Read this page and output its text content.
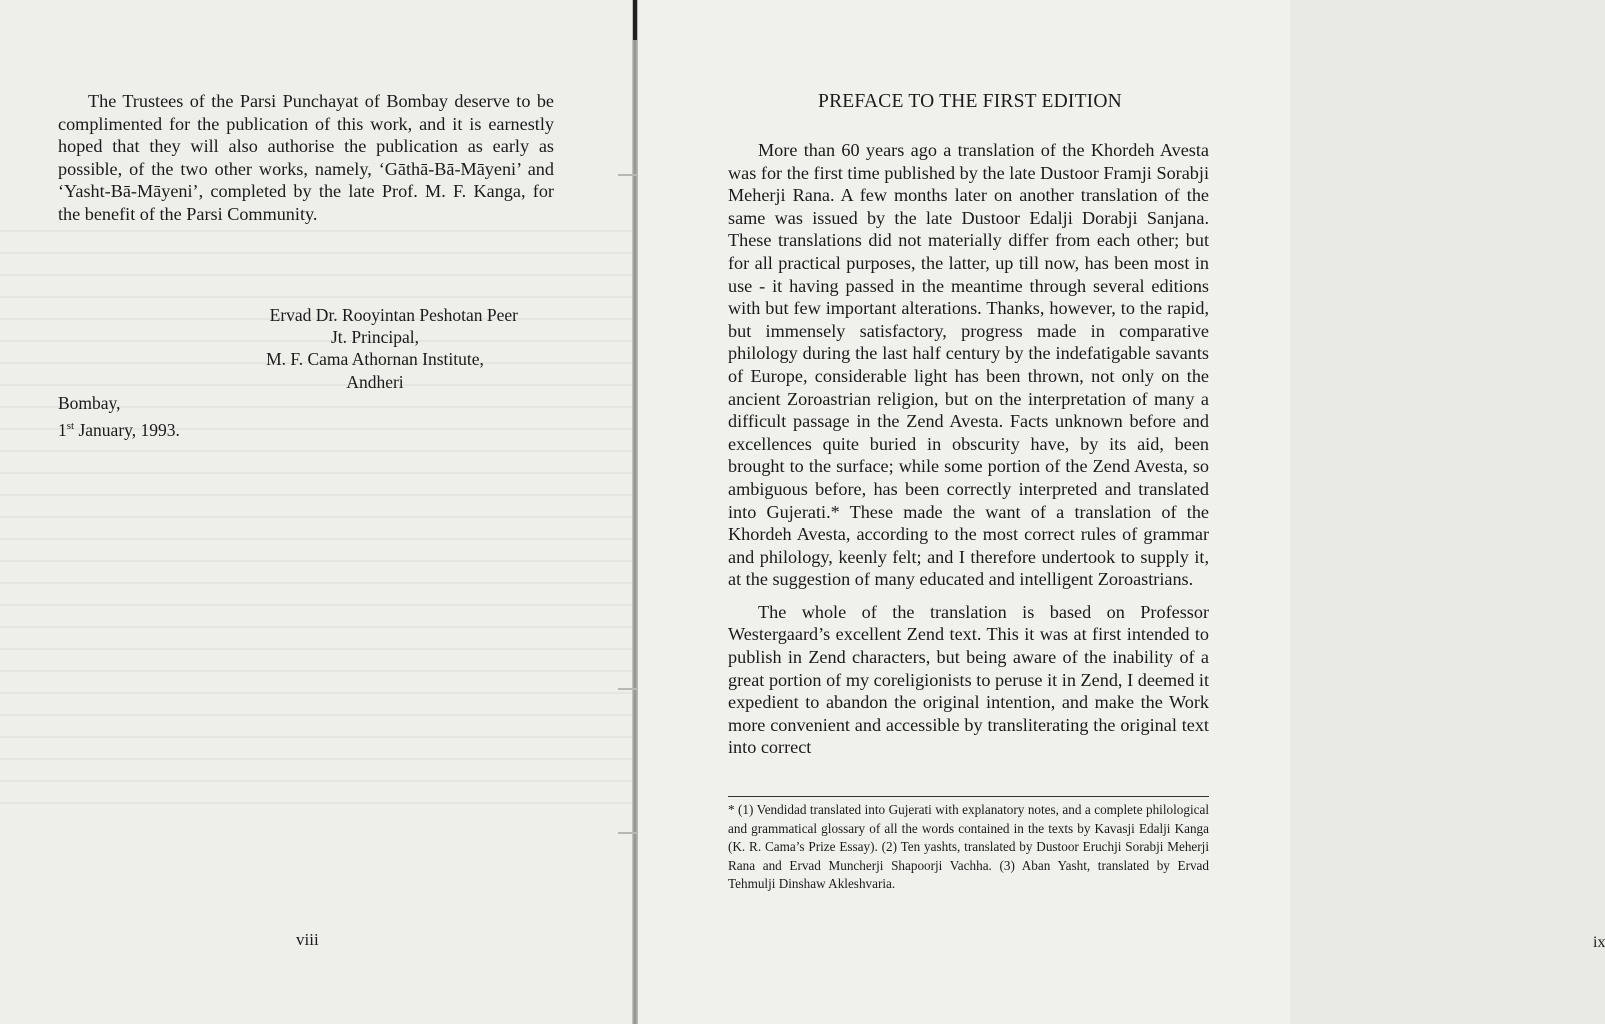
The Trustees of the Parsi Punchayat of Bombay deserve to be complimented for the publication of this work, and it is earnestly hoped that they will also authorise the publication as early as possible, of the two other works, namely, ‘Gāthā-Bā-Māyeni’ and ‘Yasht-Bā-Māyeni’, completed by the late Prof. M. F. Kanga, for the benefit of the Parsi Community.

Ervad Dr. Rooyintan Peshotan Peer
Jt. Principal,
M. F. Cama Athornan Institute,
Andheri
Bombay,
1st January, 1993.
viii
PREFACE TO THE FIRST EDITION

More than 60 years ago a translation of the Khordeh Avesta was for the first time published by the late Dustoor Framji Sorabji Meherji Rana. A few months later on another translation of the same was issued by the late Dustoor Edalji Dorabji Sanjana. These translations did not materially differ from each other; but for all practical purposes, the latter, up till now, has been most in use - it having passed in the meantime through several editions with but few important alterations. Thanks, however, to the rapid, but immensely satisfactory, progress made in comparative philology during the last half century by the indefatigable savants of Europe, considerable light has been thrown, not only on the ancient Zoroastrian religion, but on the interpretation of many a difficult passage in the Zend Avesta. Facts unknown before and excellences quite buried in obscurity have, by its aid, been brought to the surface; while some portion of the Zend Avesta, so ambiguous before, has been correctly interpreted and translated into Gujerati.* These made the want of a translation of the Khordeh Avesta, according to the most correct rules of grammar and philology, keenly felt; and I therefore undertook to supply it, at the suggestion of many educated and intelligent Zoroastrians.

The whole of the translation is based on Professor Westergaard’s excellent Zend text. This it was at first intended to publish in Zend characters, but being aware of the inability of a great portion of my coreligionists to peruse it in Zend, I deemed it expedient to abandon the original intention, and make the Work more convenient and accessible by transliterating the original text into correct

* (1) Vendidad translated into Gujerati with explanatory notes, and a complete philological and grammatical glossary of all the words contained in the texts by Kavasji Edalji Kanga (K. R. Cama’s Prize Essay). (2) Ten yashts, translated by Dustoor Eruchji Sorabji Meherji Rana and Ervad Muncherji Shapoorji Vachha. (3) Aban Yasht, translated by Ervad Tehmulji Dinshaw Akleshvaria.

ix
